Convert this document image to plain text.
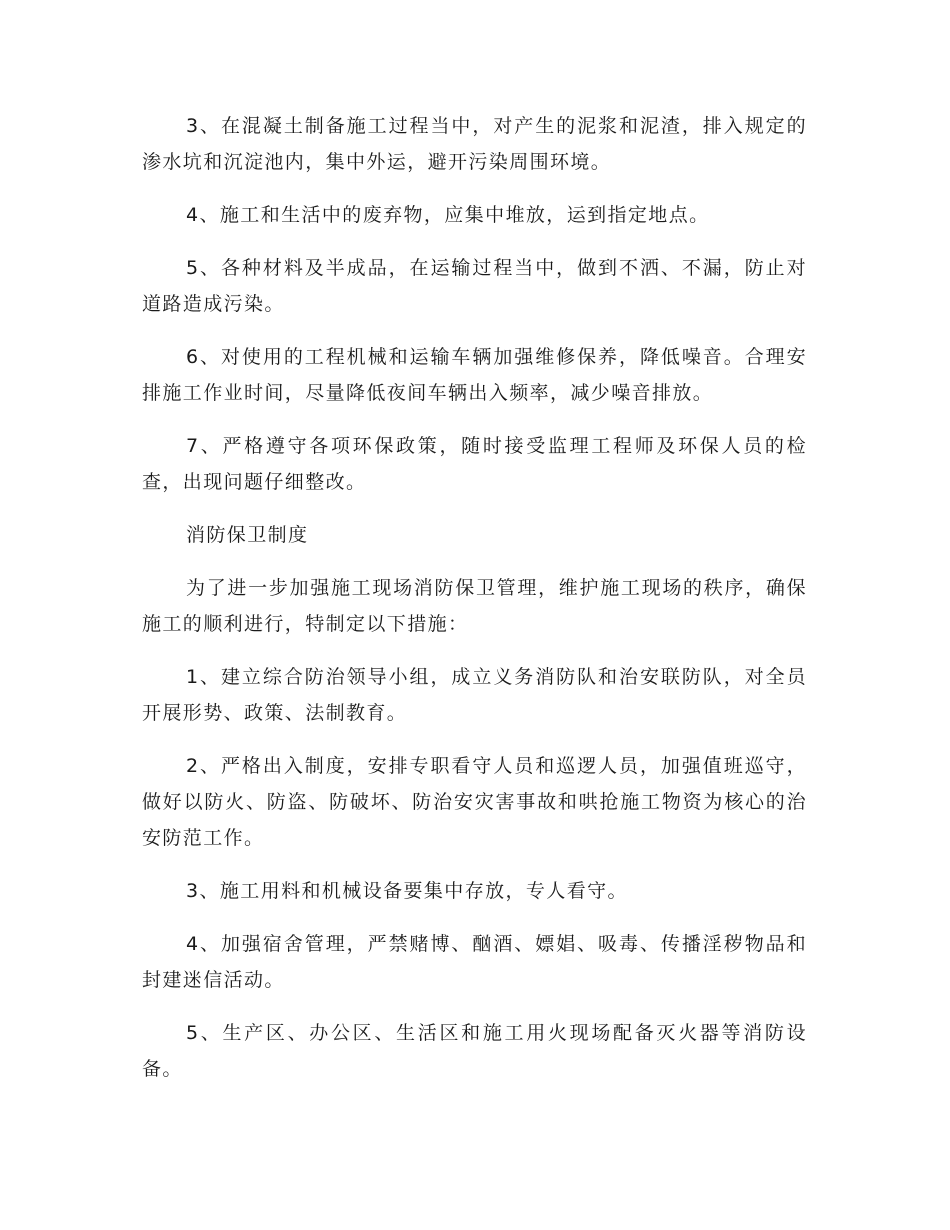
3、在混凝土制备施工过程当中，对产生的泥浆和泥渣，排入规定的渗水坑和沉淀池内，集中外运，避开污染周围环境。

4、施工和生活中的废弃物，应集中堆放，运到指定地点。

5、各种材料及半成品，在运输过程当中，做到不洒、不漏，防止对道路造成污染。

6、对使用的工程机械和运输车辆加强维修保养，降低噪音。合理安排施工作业时间，尽量降低夜间车辆出入频率，减少噪音排放。

7、严格遵守各项环保政策，随时接受监理工程师及环保人员的检查，出现问题仔细整改。

消防保卫制度

为了进一步加强施工现场消防保卫管理，维护施工现场的秩序，确保施工的顺利进行，特制定以下措施：

1、建立综合防治领导小组，成立义务消防队和治安联防队，对全员开展形势、政策、法制教育。

2、严格出入制度，安排专职看守人员和巡逻人员，加强值班巡守，做好以防火、防盗、防破坏、防治安灾害事故和哄抢施工物资为核心的治安防范工作。

3、施工用料和机械设备要集中存放，专人看守。

4、加强宿舍管理，严禁赌博、酗酒、嫖娼、吸毒、传播淫秽物品和封建迷信活动。

5、生产区、办公区、生活区和施工用火现场配备灭火器等消防设备。
